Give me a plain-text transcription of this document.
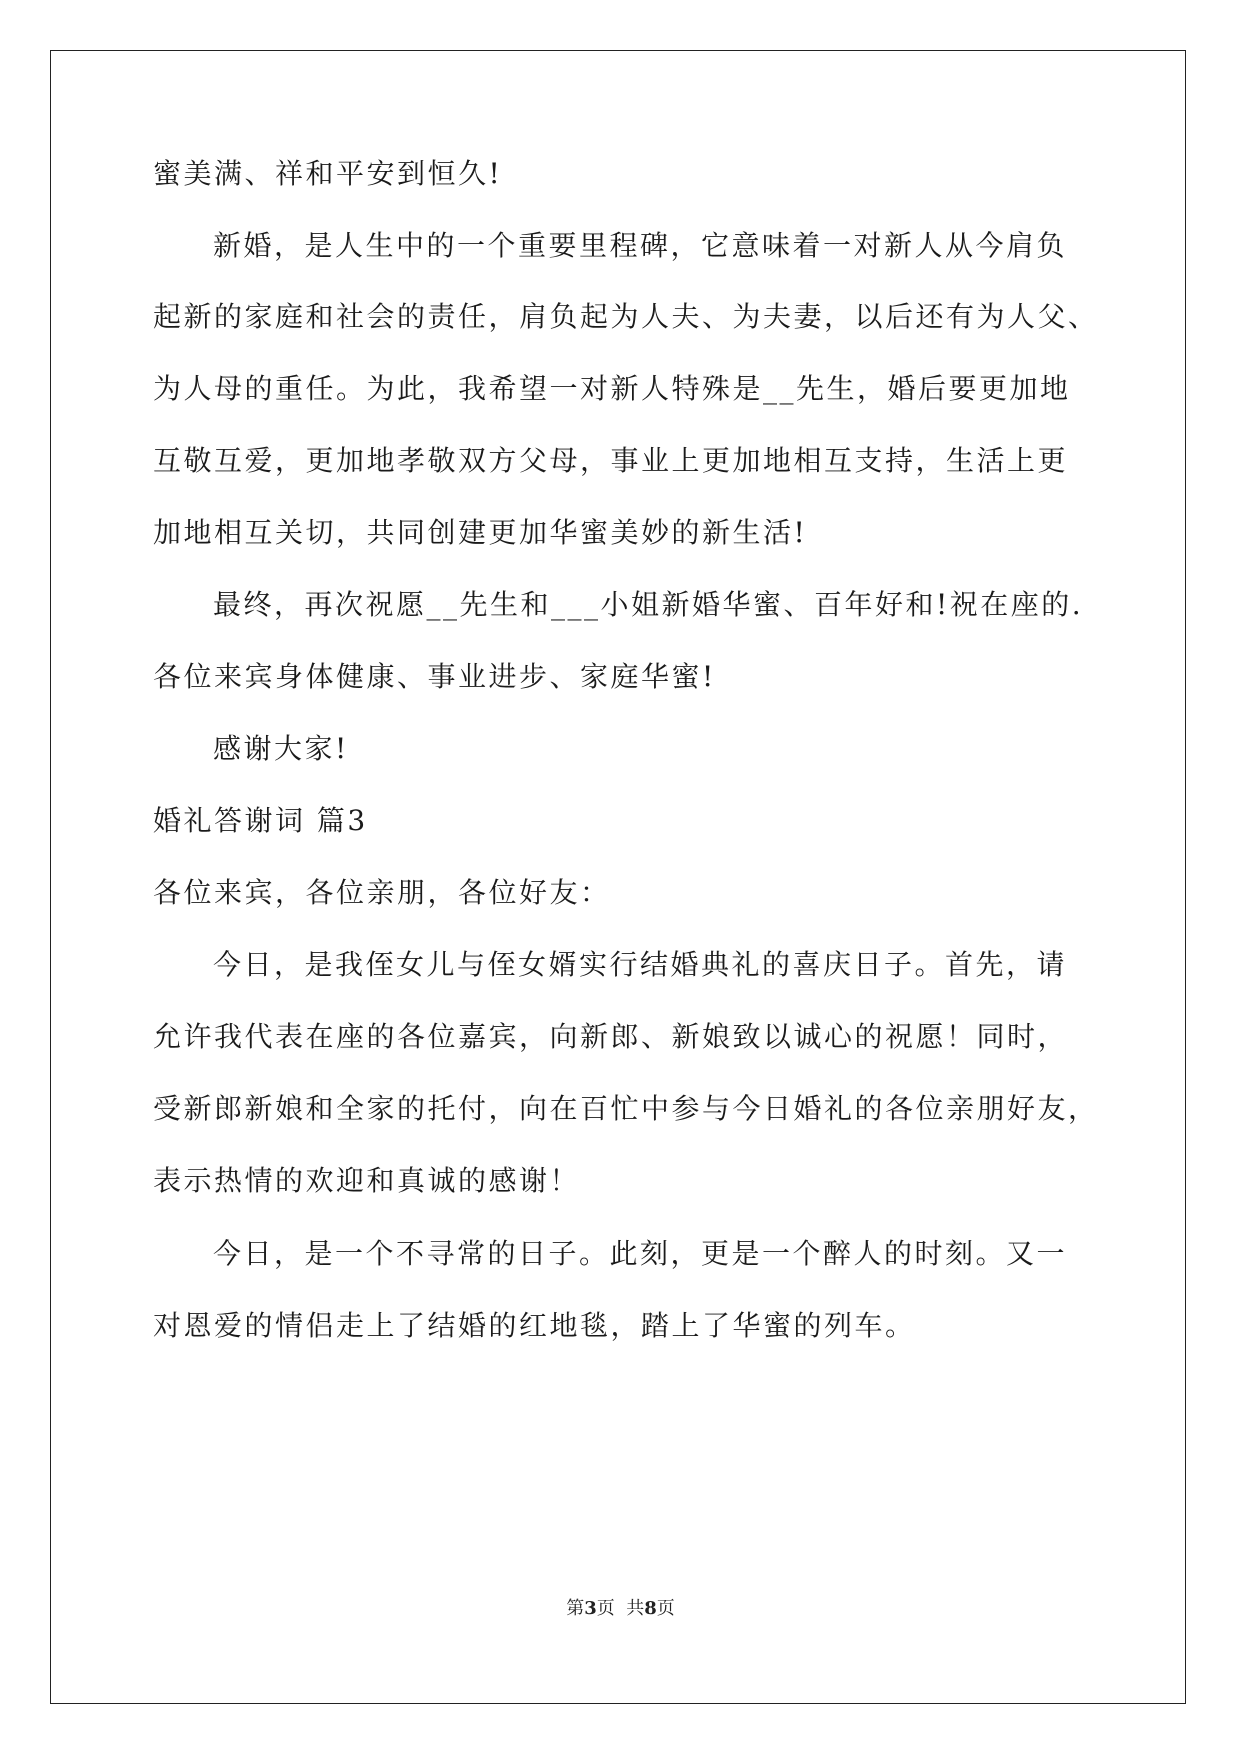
蜜美满、祥和平安到恒久!
新婚，是人生中的一个重要里程碑，它意味着一对新人从今肩负
起新的家庭和社会的责任，肩负起为人夫、为夫妻，以后还有为人父、
为人母的重任。为此，我希望一对新人特殊是__先生，婚后要更加地
互敬互爱，更加地孝敬双方父母，事业上更加地相互支持，生活上更
加地相互关切，共同创建更加华蜜美妙的新生活!
最终，再次祝愿__先生和___小姐新婚华蜜、百年好和!祝在座的.
各位来宾身体健康、事业进步、家庭华蜜!
感谢大家!
婚礼答谢词 篇3
各位来宾，各位亲朋，各位好友：
今日，是我侄女儿与侄女婿实行结婚典礼的喜庆日子。首先，请
允许我代表在座的各位嘉宾，向新郎、新娘致以诚心的祝愿！同时，
受新郎新娘和全家的托付，向在百忙中参与今日婚礼的各位亲朋好友，
表示热情的欢迎和真诚的感谢！
今日，是一个不寻常的日子。此刻，更是一个醉人的时刻。又一
对恩爱的情侣走上了结婚的红地毯，踏上了华蜜的列车。
第3页  共8页
